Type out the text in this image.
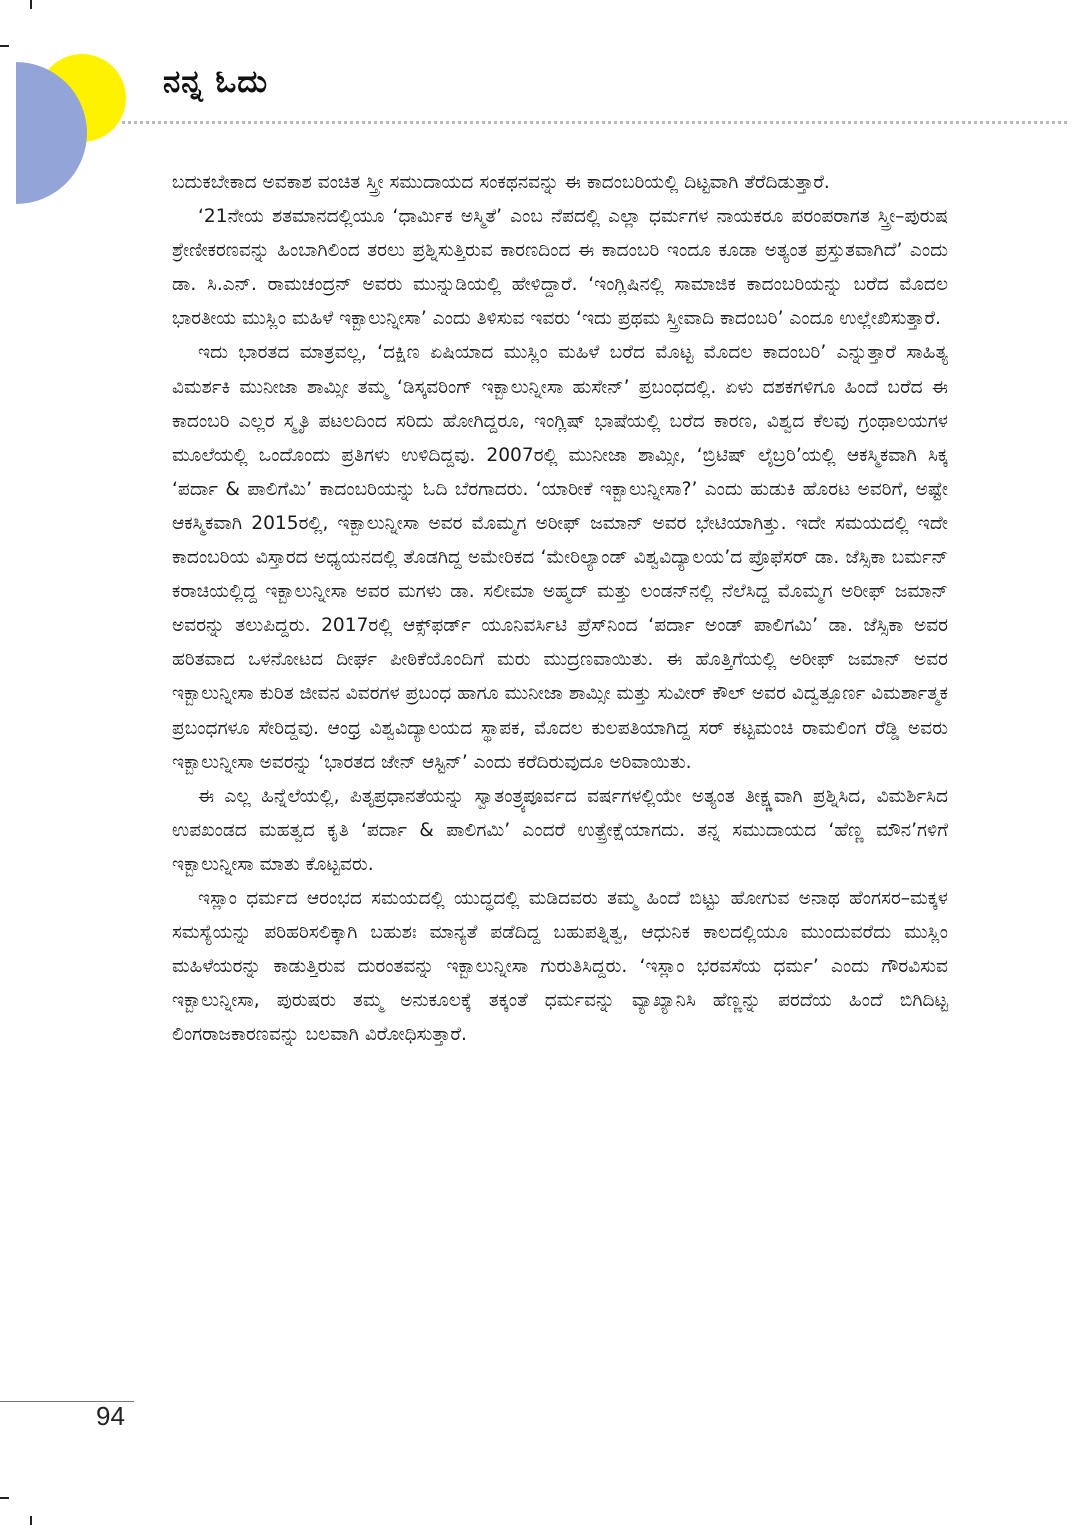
ನನ್ನ ಓದು

ಬದುಕಬೇಕಾದ ಅವಕಾಶ ವಂಚಿತ ಸ್ತ್ರೀ ಸಮುದಾಯದ ಸಂಕಥನವನ್ನು ಈ ಕಾದಂಬರಿಯಲ್ಲಿ ದಿಟ್ಟವಾಗಿ ತೆರೆದಿಡುತ್ತಾರೆ.

‘21ನೇಯ ಶತಮಾನದಲ್ಲಿಯೂ ‘ಧಾರ್ಮಿಕ ಅಸ್ಮಿತೆ’ ಎಂಬ ನೆಪದಲ್ಲಿ ಎಲ್ಲಾ ಧರ್ಮಗಳ ನಾಯಕರೂ ಪರಂಪರಾಗತ ಸ್ತ್ರೀ–ಪುರುಷ ಶ್ರೇಣೀಕರಣವನ್ನು ಹಿಂಬಾಗಿಲಿಂದ ತರಲು ಪ್ರಶ್ನಿಸುತ್ತಿರುವ ಕಾರಣದಿಂದ ಈ ಕಾದಂಬರಿ ಇಂದೂ ಕೂಡಾ ಅತ್ಯಂತ ಪ್ರಸ್ತುತವಾಗಿದೆ’ ಎಂದು ಡಾ. ಸಿ.ಎನ್. ರಾಮಚಂದ್ರನ್ ಅವರು ಮುನ್ನುಡಿಯಲ್ಲಿ ಹೇಳಿದ್ದಾರೆ. ‘ಇಂಗ್ಲಿಷಿನಲ್ಲಿ ಸಾಮಾಜಿಕ ಕಾದಂಬರಿಯನ್ನು ಬರೆದ ಮೊದಲ ಭಾರತೀಯ ಮುಸ್ಲಿಂ ಮಹಿಳೆ ಇಕ್ಬಾಲುನ್ನೀಸಾ’ ಎಂದು ತಿಳಿಸುವ ಇವರು ‘ಇದು ಪ್ರಥಮ ಸ್ತ್ರೀವಾದಿ ಕಾದಂಬರಿ’ ಎಂದೂ ಉಲ್ಲೇಖಿಸುತ್ತಾರೆ.

ಇದು ಭಾರತದ ಮಾತ್ರವಲ್ಲ, ‘ದಕ್ಷಿಣ ಏಷಿಯಾದ ಮುಸ್ಲಿಂ ಮಹಿಳೆ ಬರೆದ ಮೊಟ್ಟ ಮೊದಲ ಕಾದಂಬರಿ’ ಎನ್ನುತ್ತಾರೆ ಸಾಹಿತ್ಯ ವಿಮರ್ಶಕಿ ಮುನೀಜಾ ಶಾಮ್ಸೀ ತಮ್ಮ ‘ಡಿಸ್ಕವರಿಂಗ್ ಇಕ್ಬಾಲುನ್ನೀಸಾ ಹುಸೇನ್’ ಪ್ರಬಂಧದಲ್ಲಿ. ಏಳು ದಶಕಗಳಿಗೂ ಹಿಂದೆ ಬರೆದ ಈ ಕಾದಂಬರಿ ಎಲ್ಲರ ಸ್ಮೃತಿ ಪಟಲದಿಂದ ಸರಿದು ಹೋಗಿದ್ದರೂ, ಇಂಗ್ಲಿಷ್ ಭಾಷೆಯಲ್ಲಿ ಬರೆದ ಕಾರಣ, ವಿಶ್ವದ ಕೆಲವು ಗ್ರಂಥಾಲಯಗಳ ಮೂಲೆಯಲ್ಲಿ ಒಂದೊಂದು ಪ್ರತಿಗಳು ಉಳಿದಿದ್ದವು. 2007ರಲ್ಲಿ ಮುನೀಜಾ ಶಾಮ್ಸೀ, ‘ಬ್ರಿಟಿಷ್ ಲೈಬ್ರರಿ’ಯಲ್ಲಿ ಆಕಸ್ಮಿಕವಾಗಿ ಸಿಕ್ಕ ‘ಪರ್ದಾ & ಪಾಲಿಗೆಮಿ’ ಕಾದಂಬರಿಯನ್ನು ಓದಿ ಬೆರಗಾದರು. ‘ಯಾರೀಕೆ ಇಕ್ಬಾಲುನ್ನೀಸಾ?’ ಎಂದು ಹುಡುಕಿ ಹೊರಟ ಅವರಿಗೆ, ಅಷ್ಟೇ ಆಕಸ್ಮಿಕವಾಗಿ 2015ರಲ್ಲಿ, ಇಕ್ಬಾಲುನ್ನೀಸಾ ಅವರ ಮೊಮ್ಮಗ ಅರೀಫ್ ಜಮಾನ್ ಅವರ ಭೇಟಿಯಾಗಿತ್ತು. ಇದೇ ಸಮಯದಲ್ಲಿ ಇದೇ ಕಾದಂಬರಿಯ ವಿಸ್ತಾರದ ಅಧ್ಯಯನದಲ್ಲಿ ತೊಡಗಿದ್ದ ಅಮೇರಿಕದ ‘ಮೇರಿಲ್ಯಾಂಡ್ ವಿಶ್ವವಿದ್ಯಾಲಯ’ದ ಪ್ರೊಫೆಸರ್ ಡಾ. ಜೆಸ್ಸಿಕಾ ಬರ್ಮನ್ ಕರಾಚಿಯಲ್ಲಿದ್ದ ಇಕ್ಬಾಲುನ್ನೀಸಾ ಅವರ ಮಗಳು ಡಾ. ಸಲೀಮಾ ಅಹ್ಮದ್ ಮತ್ತು ಲಂಡನ್‌ನಲ್ಲಿ ನೆಲೆಸಿದ್ದ ಮೊಮ್ಮಗ ಅರೀಫ್ ಜಮಾನ್ ಅವರನ್ನು ತಲುಪಿದ್ದರು. 2017ರಲ್ಲಿ ಆಕ್ಸ್‌ಫರ್ಡ್ ಯೂನಿವರ್ಸಿಟಿ ಪ್ರೆಸ್‌ನಿಂದ ‘ಪರ್ದಾ ಅಂಡ್ ಪಾಲಿಗಮಿ’ ಡಾ. ಜೆಸ್ಸಿಕಾ ಅವರ ಹರಿತವಾದ ಒಳನೋಟದ ದೀರ್ಘ ಪೀಠಿಕೆಯೊಂದಿಗೆ ಮರು ಮುದ್ರಣವಾಯಿತು. ಈ ಹೊತ್ತಿಗೆಯಲ್ಲಿ ಅರೀಫ್ ಜಮಾನ್ ಅವರ ಇಕ್ಬಾಲುನ್ನೀಸಾ ಕುರಿತ ಜೀವನ ವಿವರಗಳ ಪ್ರಬಂಧ ಹಾಗೂ ಮುನೀಜಾ ಶಾಮ್ಸೀ ಮತ್ತು ಸುವೀರ್ ಕೌಲ್ ಅವರ ವಿದ್ವತ್ಪೂರ್ಣ ವಿಮರ್ಶಾತ್ಮಕ ಪ್ರಬಂಧಗಳೂ ಸೇರಿದ್ದವು. ಆಂಧ್ರ ವಿಶ್ವವಿದ್ಯಾಲಯದ ಸ್ಥಾಪಕ, ಮೊದಲ ಕುಲಪತಿಯಾಗಿದ್ದ ಸರ್ ಕಟ್ಟಮಂಚಿ ರಾಮಲಿಂಗ ರೆಡ್ಡಿ ಅವರು ಇಕ್ಬಾಲುನ್ನೀಸಾ ಅವರನ್ನು ‘ಭಾರತದ ಜೇನ್ ಆಸ್ಟಿನ್’ ಎಂದು ಕರೆದಿರುವುದೂ ಅರಿವಾಯಿತು.

ಈ ಎಲ್ಲ ಹಿನ್ನೆಲೆಯಲ್ಲಿ, ಪಿತೃಪ್ರಧಾನತೆಯನ್ನು ಸ್ವಾತಂತ್ರ್ಯಪೂರ್ವದ ವರ್ಷಗಳಲ್ಲಿಯೇ ಅತ್ಯಂತ ತೀಕ್ಷ್ಣವಾಗಿ ಪ್ರಶ್ನಿಸಿದ, ವಿಮರ್ಶಿಸಿದ ಉಪಖಂಡದ ಮಹತ್ವದ ಕೃತಿ ‘ಪರ್ದಾ & ಪಾಲಿಗಮಿ’ ಎಂದರೆ ಉತ್ಪ್ರೇಕ್ಷೆಯಾಗದು. ತನ್ನ ಸಮುದಾಯದ ‘ಹೆಣ್ಣ ಮೌನ’ಗಳಿಗೆ ಇಕ್ಬಾಲುನ್ನೀಸಾ ಮಾತು ಕೊಟ್ಟವರು.

ಇಸ್ಲಾಂ ಧರ್ಮದ ಆರಂಭದ ಸಮಯದಲ್ಲಿ ಯುದ್ಧದಲ್ಲಿ ಮಡಿದವರು ತಮ್ಮ ಹಿಂದೆ ಬಿಟ್ಟು ಹೋಗುವ ಅನಾಥ ಹೆಂಗಸರ–ಮಕ್ಕಳ ಸಮಸ್ಯೆಯನ್ನು ಪರಿಹರಿಸಲಿಕ್ಕಾಗಿ ಬಹುಶಃ ಮಾನ್ಯತೆ ಪಡೆದಿದ್ದ ಬಹುಪತ್ನಿತ್ವ, ಆಧುನಿಕ ಕಾಲದಲ್ಲಿಯೂ ಮುಂದುವರೆದು ಮುಸ್ಲಿಂ ಮಹಿಳೆಯರನ್ನು ಕಾಡುತ್ತಿರುವ ದುರಂತವನ್ನು ಇಕ್ಬಾಲುನ್ನೀಸಾ ಗುರುತಿಸಿದ್ದರು. ‘ಇಸ್ಲಾಂ ಭರವಸೆಯ ಧರ್ಮ’ ಎಂದು ಗೌರವಿಸುವ ಇಕ್ಬಾಲುನ್ನೀಸಾ, ಪುರುಷರು ತಮ್ಮ ಅನುಕೂಲಕ್ಕೆ ತಕ್ಕಂತೆ ಧರ್ಮವನ್ನು ವ್ಯಾಖ್ಯಾನಿಸಿ ಹೆಣ್ಣನ್ನು ಪರದೆಯ ಹಿಂದೆ ಬಿಗಿದಿಟ್ಟ ಲಿಂಗರಾಜಕಾರಣವನ್ನು ಬಲವಾಗಿ ವಿರೋಧಿಸುತ್ತಾರೆ.

94
